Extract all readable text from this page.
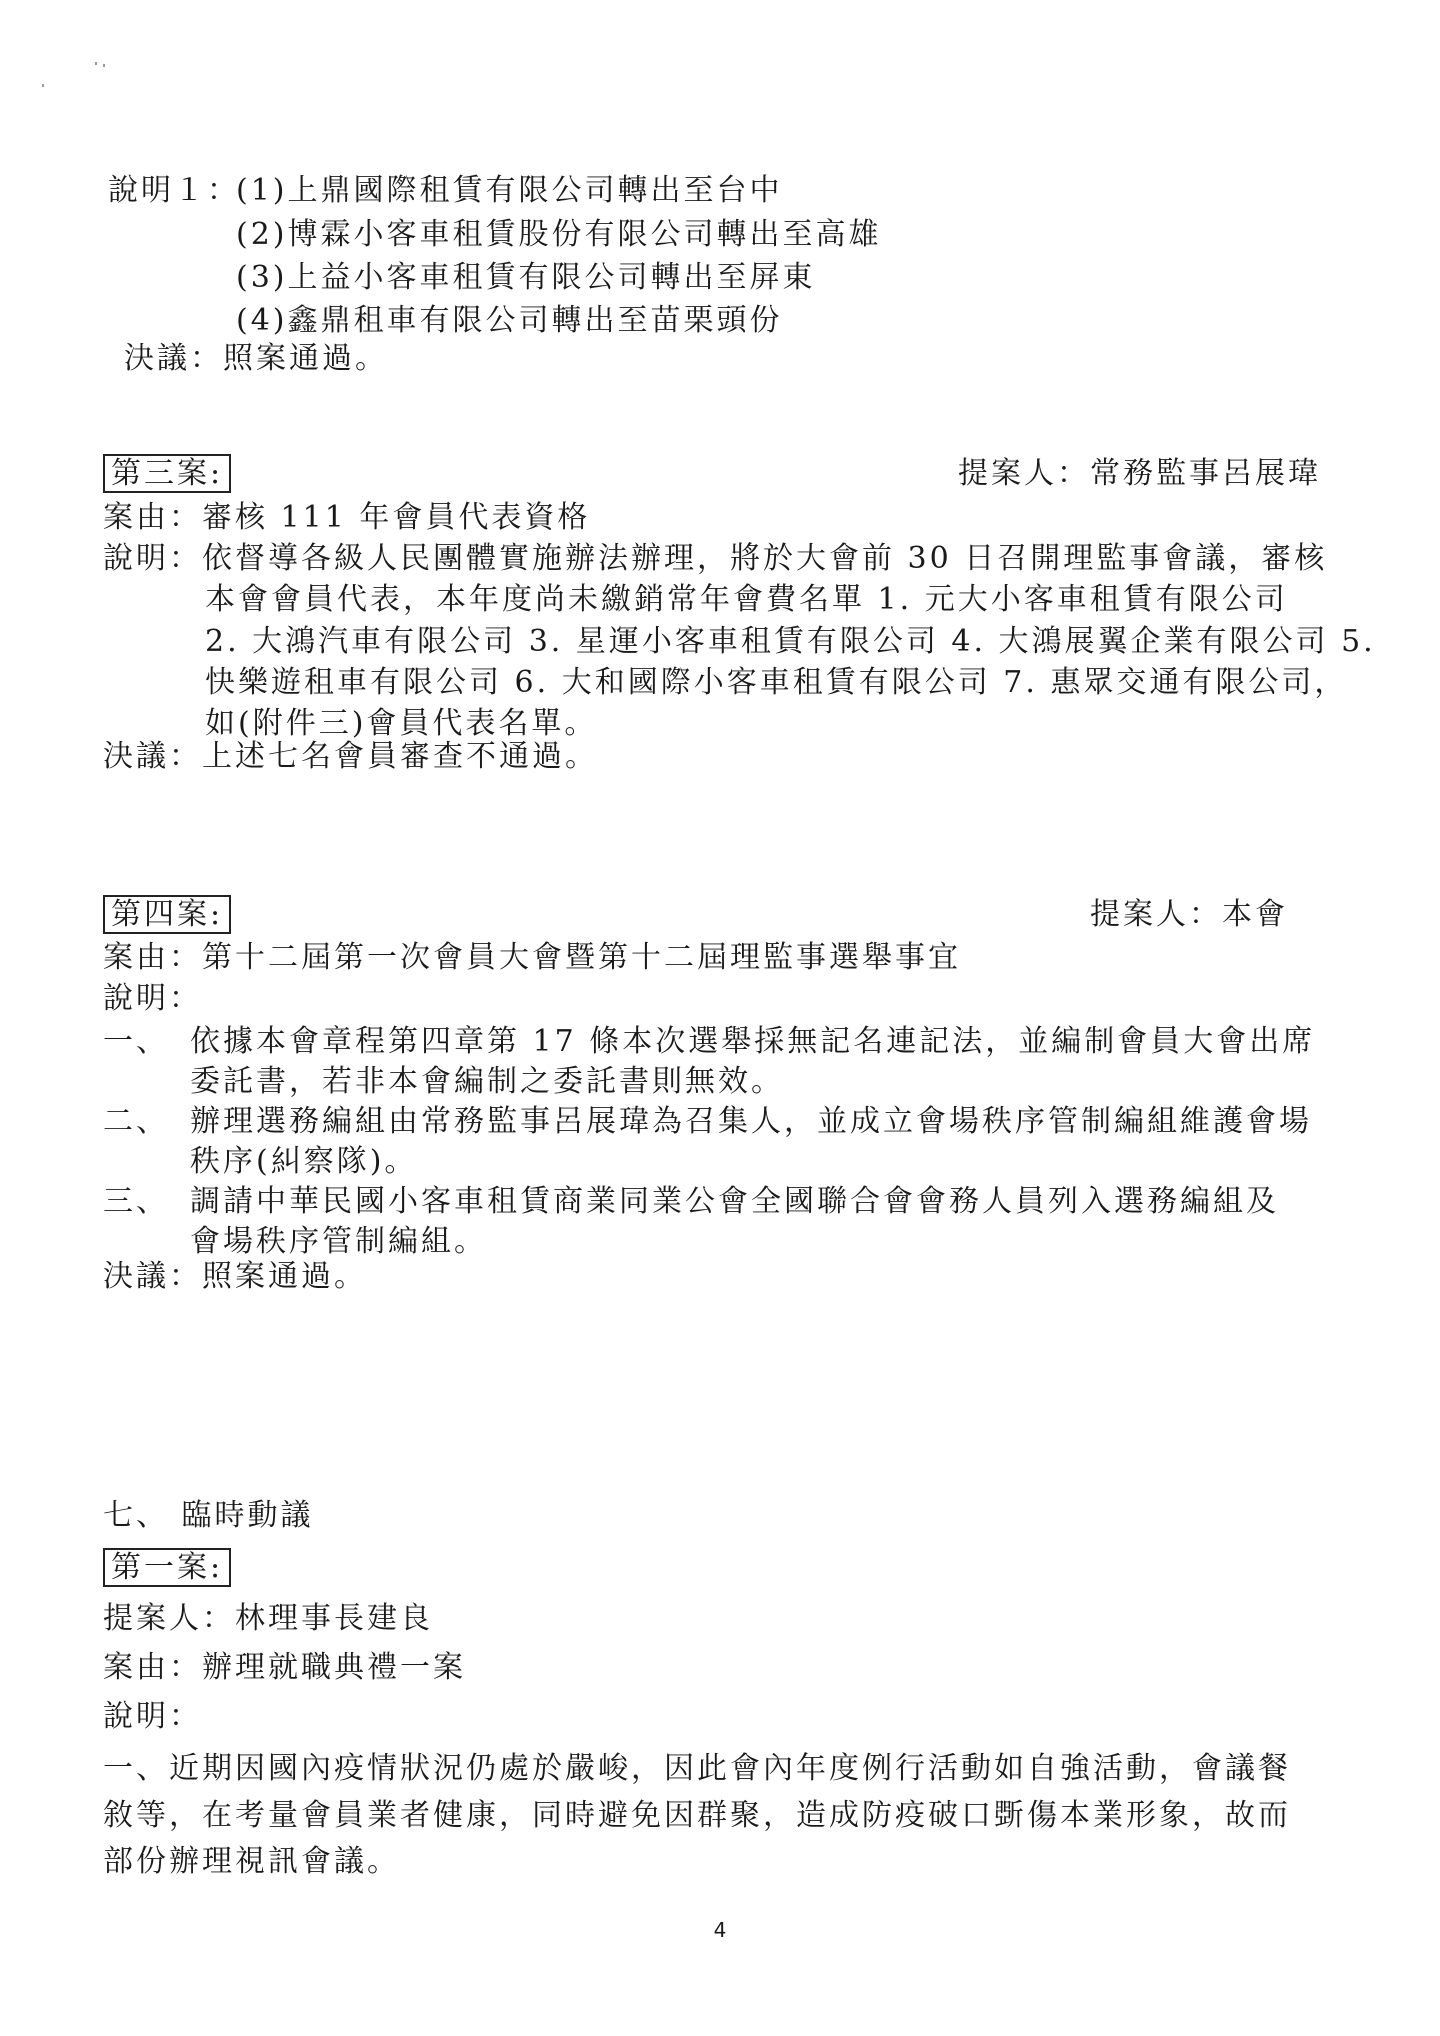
說明１：
(1)上鼎國際租賃有限公司轉出至台中
(2)博霖小客車租賃股份有限公司轉出至高雄
(3)上益小客車租賃有限公司轉出至屏東
(4)鑫鼎租車有限公司轉出至苗栗頭份
決議：照案通過。
第三案:	提案人：常務監事呂展瑋
案由：審核 111 年會員代表資格
說明：依督導各級人民團體實施辦法辦理，將於大會前 30 日召開理監事會議，審核
本會會員代表，本年度尚未繳銷常年會費名單 1. 元大小客車租賃有限公司
2. 大鴻汽車有限公司 3. 星運小客車租賃有限公司 4. 大鴻展翼企業有限公司 5.
快樂遊租車有限公司 6. 大和國際小客車租賃有限公司 7. 惠眾交通有限公司，
如(附件三)會員代表名單。
決議：上述七名會員審查不通過。
第四案:	提案人：本會
案由：第十二屆第一次會員大會暨第十二屆理監事選舉事宜
說明：
一、 依據本會章程第四章第 17 條本次選舉採無記名連記法，並編制會員大會出席
委託書，若非本會編制之委託書則無效。
二、 辦理選務編組由常務監事呂展瑋為召集人，並成立會場秩序管制編組維護會場
秩序(糾察隊)。
三、 調請中華民國小客車租賃商業同業公會全國聯合會會務人員列入選務編組及
會場秩序管制編組。
決議：照案通過。
七、 臨時動議
第一案:
提案人：林理事長建良
案由：辦理就職典禮一案
說明：
一、近期因國內疫情狀況仍處於嚴峻，因此會內年度例行活動如自強活動，會議餐
敘等，在考量會員業者健康，同時避免因群聚，造成防疫破口斲傷本業形象，故而
部份辦理視訊會議。
4
